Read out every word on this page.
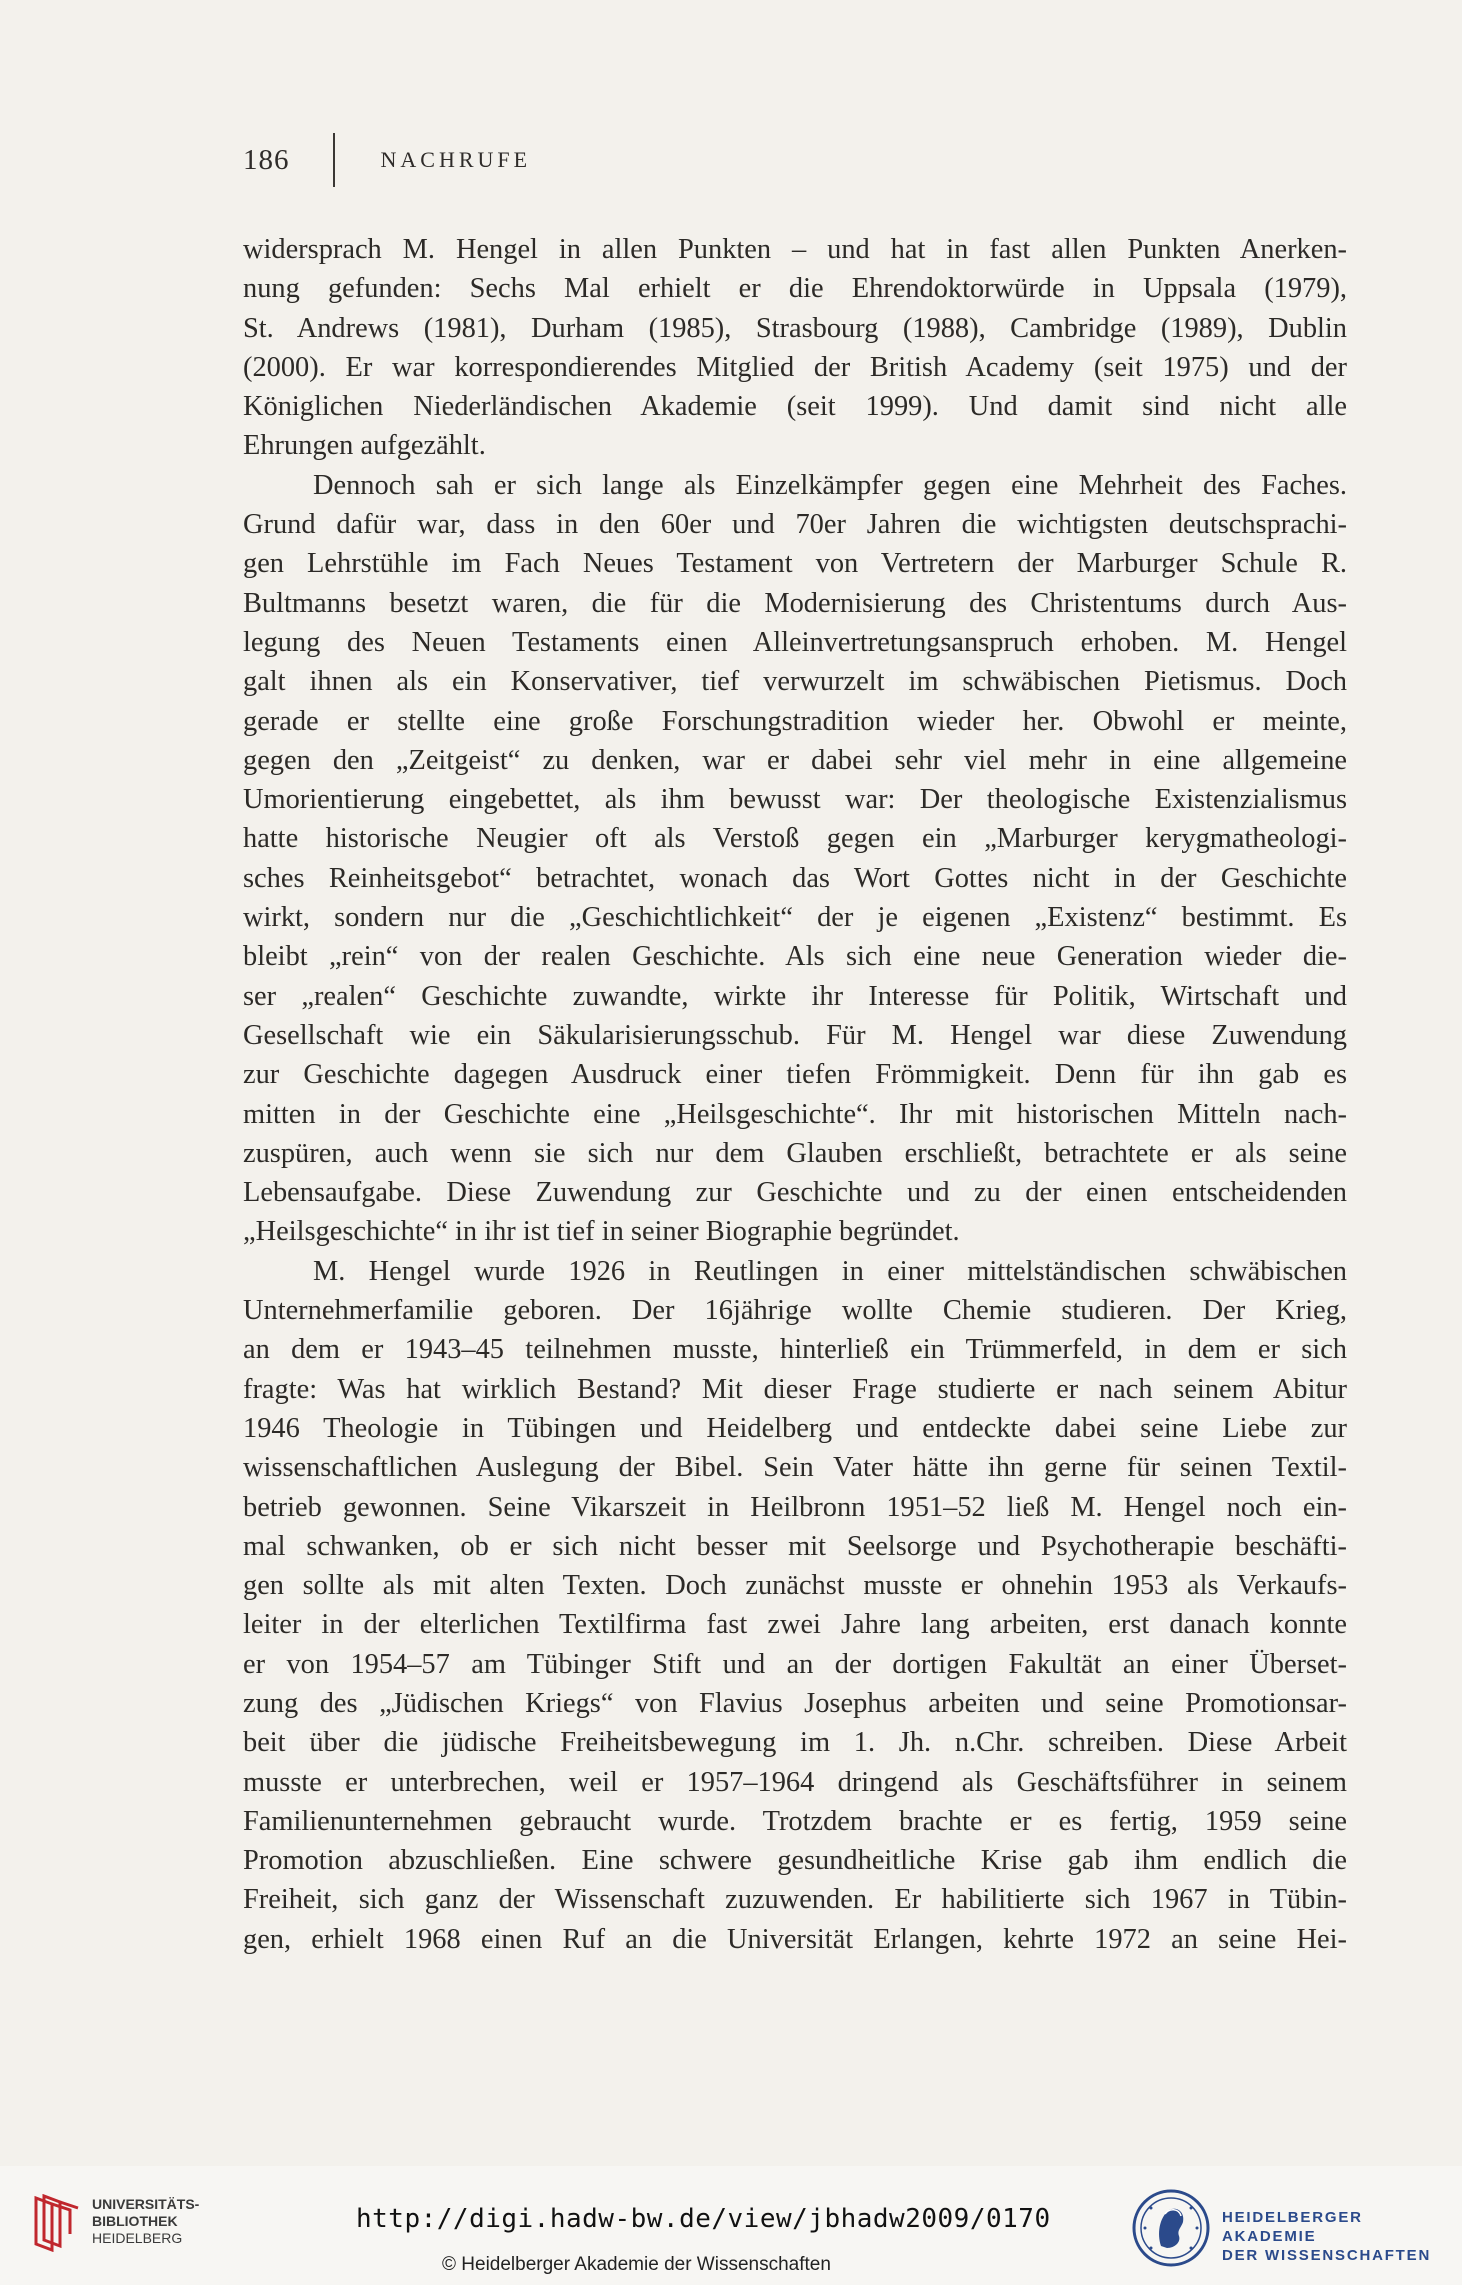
186	NACHRUFE
widersprach M. Hengel in allen Punkten – und hat in fast allen Punkten Anerken-
nung gefunden: Sechs Mal erhielt er die Ehrendoktorwürde in Uppsala (1979),
St. Andrews (1981), Durham (1985), Strasbourg (1988), Cambridge (1989), Dublin
(2000). Er war korrespondierendes Mitglied der British Academy (seit 1975) und der
Königlichen Niederländischen Akademie (seit 1999). Und damit sind nicht alle
Ehrungen aufgezählt.
Dennoch sah er sich lange als Einzelkämpfer gegen eine Mehrheit des Faches.
Grund dafür war, dass in den 60er und 70er Jahren die wichtigsten deutschsprachi-
gen Lehrstühle im Fach Neues Testament von Vertretern der Marburger Schule R.
Bultmanns besetzt waren, die für die Modernisierung des Christentums durch Aus-
legung des Neuen Testaments einen Alleinvertretungsanspruch erhoben. M. Hengel
galt ihnen als ein Konservativer, tief verwurzelt im schwäbischen Pietismus. Doch
gerade er stellte eine große Forschungstradition wieder her. Obwohl er meinte,
gegen den „Zeitgeist“ zu denken, war er dabei sehr viel mehr in eine allgemeine
Umorientierung eingebettet, als ihm bewusst war: Der theologische Existenzialismus
hatte historische Neugier oft als Verstoß gegen ein „Marburger kerygmatheologi-
sches Reinheitsgebot“ betrachtet, wonach das Wort Gottes nicht in der Geschichte
wirkt, sondern nur die „Geschichtlichkeit“ der je eigenen „Existenz“ bestimmt. Es
bleibt „rein“ von der realen Geschichte. Als sich eine neue Generation wieder die-
ser „realen“ Geschichte zuwandte, wirkte ihr Interesse für Politik, Wirtschaft und
Gesellschaft wie ein Säkularisierungsschub. Für M. Hengel war diese Zuwendung
zur Geschichte dagegen Ausdruck einer tiefen Frömmigkeit. Denn für ihn gab es
mitten in der Geschichte eine „Heilsgeschichte“. Ihr mit historischen Mitteln nach-
zuspüren, auch wenn sie sich nur dem Glauben erschließt, betrachtete er als seine
Lebensaufgabe. Diese Zuwendung zur Geschichte und zu der einen entscheidenden
„Heilsgeschichte“ in ihr ist tief in seiner Biographie begründet.
M. Hengel wurde 1926 in Reutlingen in einer mittelständischen schwäbischen
Unternehmerfamilie geboren. Der 16jährige wollte Chemie studieren. Der Krieg,
an dem er 1943–45 teilnehmen musste, hinterließ ein Trümmerfeld, in dem er sich
fragte: Was hat wirklich Bestand? Mit dieser Frage studierte er nach seinem Abitur
1946 Theologie in Tübingen und Heidelberg und entdeckte dabei seine Liebe zur
wissenschaftlichen Auslegung der Bibel. Sein Vater hätte ihn gerne für seinen Textil-
betrieb gewonnen. Seine Vikarszeit in Heilbronn 1951–52 ließ M. Hengel noch ein-
mal schwanken, ob er sich nicht besser mit Seelsorge und Psychotherapie beschäfti-
gen sollte als mit alten Texten. Doch zunächst musste er ohnehin 1953 als Verkaufs-
leiter in der elterlichen Textilfirma fast zwei Jahre lang arbeiten, erst danach konnte
er von 1954–57 am Tübinger Stift und an der dortigen Fakultät an einer Überset-
zung des „Jüdischen Kriegs“ von Flavius Josephus arbeiten und seine Promotionsar-
beit über die jüdische Freiheitsbewegung im 1. Jh. n.Chr. schreiben. Diese Arbeit
musste er unterbrechen, weil er 1957–1964 dringend als Geschäftsführer in seinem
Familienunternehmen gebraucht wurde. Trotzdem brachte er es fertig, 1959 seine
Promotion abzuschließen. Eine schwere gesundheitliche Krise gab ihm endlich die
Freiheit, sich ganz der Wissenschaft zuzuwenden. Er habilitierte sich 1967 in Tübin-
gen, erhielt 1968 einen Ruf an die Universität Erlangen, kehrte 1972 an seine Hei-
UNIVERSITÄTS-
BIBLIOTHEK
HEIDELBERG
http://digi.hadw-bw.de/view/jbhadw2009/0170
© Heidelberger Akademie der Wissenschaften
HEIDELBERGER AKADEMIE
DER WISSENSCHAFTEN
